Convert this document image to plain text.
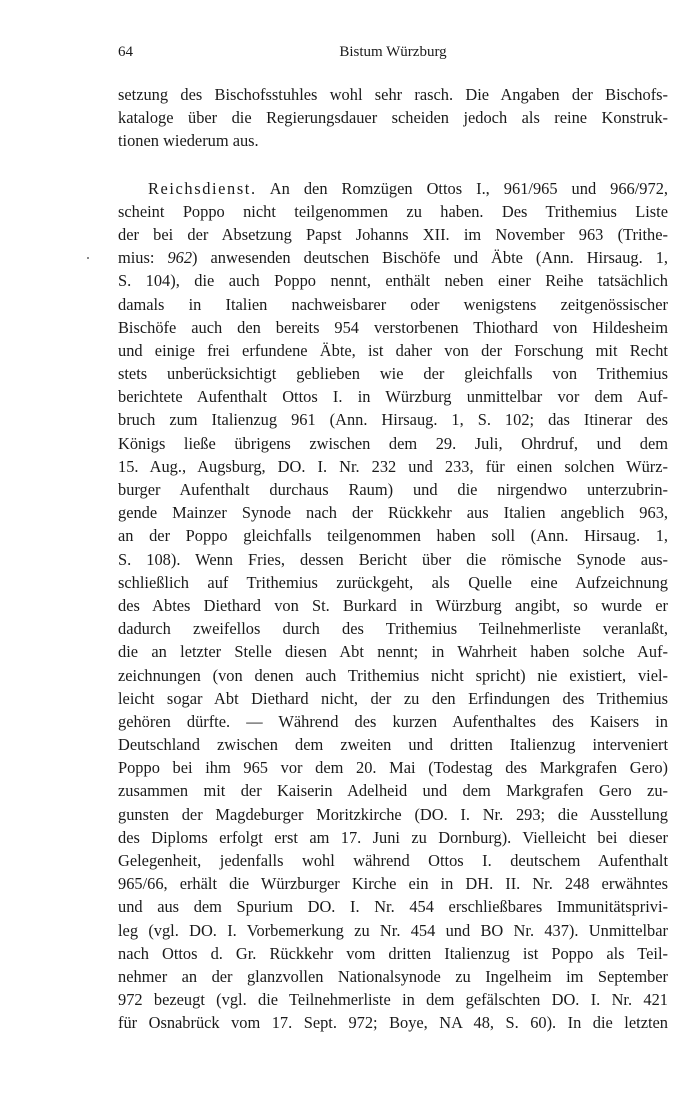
64	Bistum Würzburg
setzung des Bischofsstuhles wohl sehr rasch. Die Angaben der Bischofs-
kataloge über die Regierungsdauer scheiden jedoch als reine Konstruk-
tionen wiederum aus.
Reichsdienst. An den Romzügen Ottos I., 961/965 und 966/972,
scheint Poppo nicht teilgenommen zu haben. Des Trithemius Liste
der bei der Absetzung Papst Johanns XII. im November 963 (Trithe-
mius: 962) anwesenden deutschen Bischöfe und Äbte (Ann. Hirsaug. 1,
S. 104), die auch Poppo nennt, enthält neben einer Reihe tatsächlich
damals in Italien nachweisbarer oder wenigstens zeitgenössischer
Bischöfe auch den bereits 954 verstorbenen Thiothard von Hildesheim
und einige frei erfundene Äbte, ist daher von der Forschung mit Recht
stets unberücksichtigt geblieben wie der gleichfalls von Trithemius
berichtete Aufenthalt Ottos I. in Würzburg unmittelbar vor dem Auf-
bruch zum Italienzug 961 (Ann. Hirsaug. 1, S. 102; das Itinerar des
Königs ließe übrigens zwischen dem 29. Juli, Ohrdruf, und dem
15. Aug., Augsburg, DO. I. Nr. 232 und 233, für einen solchen Würz-
burger Aufenthalt durchaus Raum) und die nirgendwo unterzubrin-
gende Mainzer Synode nach der Rückkehr aus Italien angeblich 963,
an der Poppo gleichfalls teilgenommen haben soll (Ann. Hirsaug. 1,
S. 108). Wenn Fries, dessen Bericht über die römische Synode aus-
schließlich auf Trithemius zurückgeht, als Quelle eine Aufzeichnung
des Abtes Diethard von St. Burkard in Würzburg angibt, so wurde er
dadurch zweifellos durch des Trithemius Teilnehmerliste veranlaßt,
die an letzter Stelle diesen Abt nennt; in Wahrheit haben solche Auf-
zeichnungen (von denen auch Trithemius nicht spricht) nie existiert, viel-
leicht sogar Abt Diethard nicht, der zu den Erfindungen des Trithemius
gehören dürfte. — Während des kurzen Aufenthaltes des Kaisers in
Deutschland zwischen dem zweiten und dritten Italienzug interveniert
Poppo bei ihm 965 vor dem 20. Mai (Todestag des Markgrafen Gero)
zusammen mit der Kaiserin Adelheid und dem Markgrafen Gero zu-
gunsten der Magdeburger Moritzkirche (DO. I. Nr. 293; die Ausstellung
des Diploms erfolgt erst am 17. Juni zu Dornburg). Vielleicht bei dieser
Gelegenheit, jedenfalls wohl während Ottos I. deutschem Aufenthalt
965/66, erhält die Würzburger Kirche ein in DH. II. Nr. 248 erwähntes
und aus dem Spurium DO. I. Nr. 454 erschließbares Immunitätsprivi-
leg (vgl. DO. I. Vorbemerkung zu Nr. 454 und BO Nr. 437). Unmittelbar
nach Ottos d. Gr. Rückkehr vom dritten Italienzug ist Poppo als Teil-
nehmer an der glanzvollen Nationalsynode zu Ingelheim im September
972 bezeugt (vgl. die Teilnehmerliste in dem gefälschten DO. I. Nr. 421
für Osnabrück vom 17. Sept. 972; Boye, NA 48, S. 60). In die letzten
